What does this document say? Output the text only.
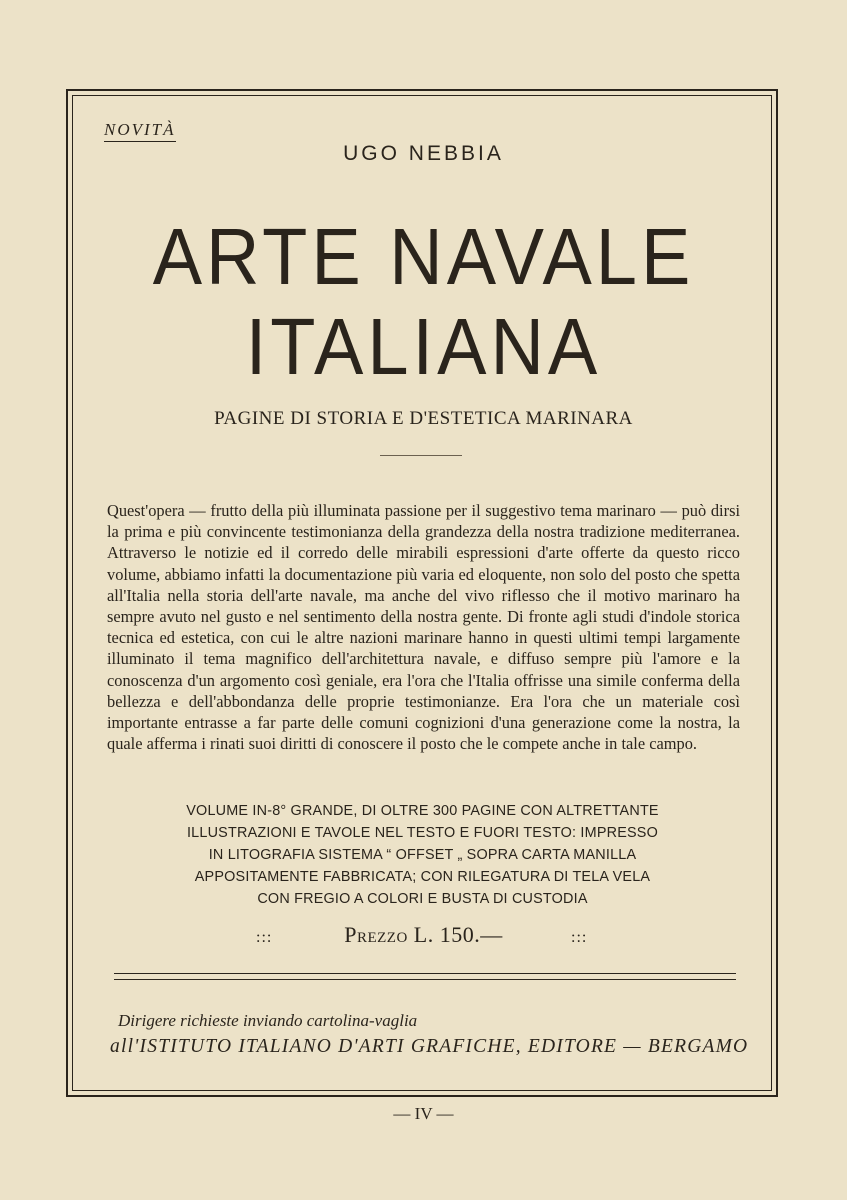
NOVITÀ
UGO NEBBIA
ARTE NAVALE
ITALIANA
PAGINE DI STORIA E D'ESTETICA MARINARA
Quest'opera — frutto della più illuminata passione per il suggestivo tema marinaro — può dirsi la prima e più convincente testimonianza della grandezza della nostra tradizione mediterranea. Attraverso le notizie ed il corredo delle mirabili espressioni d'arte offerte da questo ricco volume, abbiamo infatti la documentazione più varia ed eloquente, non solo del posto che spetta all'Italia nella storia dell'arte navale, ma anche del vivo riflesso che il motivo marinaro ha sempre avuto nel gusto e nel sentimento della nostra gente. Di fronte agli studi d'indole storica tecnica ed estetica, con cui le altre nazioni marinare hanno in questi ultimi tempi largamente illuminato il tema magnifico dell'architettura navale, e diffuso sempre più l'amore e la conoscenza d'un argomento così geniale, era l'ora che l'Italia offrisse una simile conferma della bellezza e dell'abbondanza delle proprie testimonianze. Era l'ora che un materiale così importante entrasse a far parte delle comuni cognizioni d'una generazione come la nostra, la quale afferma i rinati suoi diritti di conoscere il posto che le compete anche in tale campo.
VOLUME IN-8° GRANDE, DI OLTRE 300 PAGINE CON ALTRETTANTE
ILLUSTRAZIONI E TAVOLE NEL TESTO E FUORI TESTO: IMPRESSO
IN LITOGRAFIA SISTEMA “ OFFSET „ SOPRA CARTA MANILLA
APPOSITAMENTE FABBRICATA; CON RILEGATURA DI TELA VELA
CON FREGIO A COLORI E BUSTA DI CUSTODIA
:::	Prezzo L. 150.—	:::
Dirigere richieste inviando cartolina-vaglia
all'ISTITUTO ITALIANO D'ARTI GRAFICHE, EDITORE — BERGAMO
— IV —
